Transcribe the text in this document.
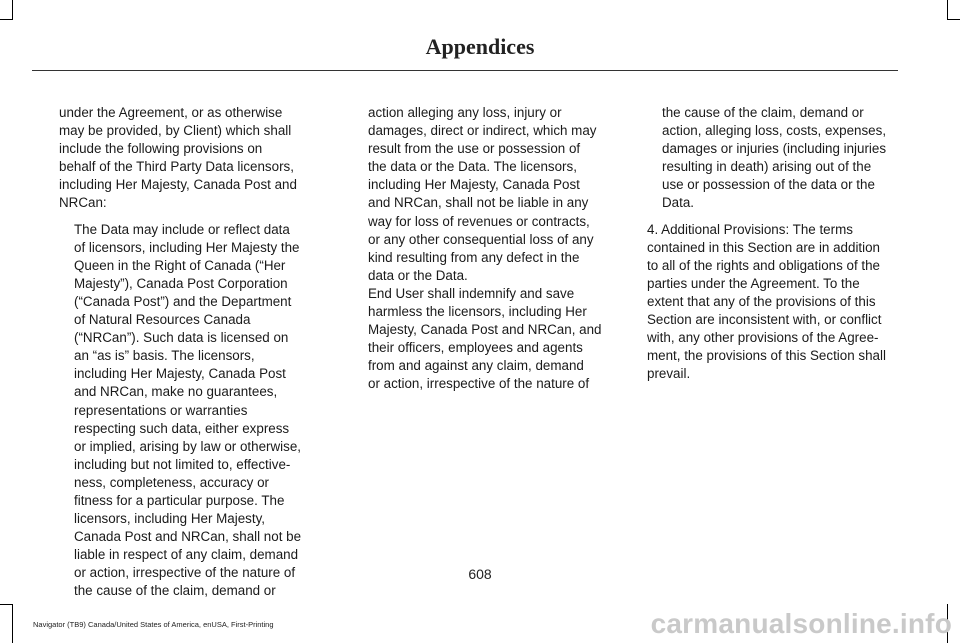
Appendices
under the Agreement, or as otherwise
may be provided, by Client) which shall
include the following provisions on
behalf of the Third Party Data licensors,
including Her Majesty, Canada Post and
NRCan:
The Data may include or reflect data
of licensors, including Her Majesty the
Queen in the Right of Canada (“Her
Majesty”), Canada Post Corporation
(“Canada Post”) and the Department
of Natural Resources Canada
(“NRCan”). Such data is licensed on
an “as is” basis. The licensors,
including Her Majesty, Canada Post
and NRCan, make no guarantees,
representations or warranties
respecting such data, either express
or implied, arising by law or otherwise,
including but not limited to, effective-
ness, completeness, accuracy or
fitness for a particular purpose. The
licensors, including Her Majesty,
Canada Post and NRCan, shall not be
liable in respect of any claim, demand
or action, irrespective of the nature of
the cause of the claim, demand or
action alleging any loss, injury or
damages, direct or indirect, which may
result from the use or possession of
the data or the Data. The licensors,
including Her Majesty, Canada Post
and NRCan, shall not be liable in any
way for loss of revenues or contracts,
or any other consequential loss of any
kind resulting from any defect in the
data or the Data.
End User shall indemnify and save
harmless the licensors, including Her
Majesty, Canada Post and NRCan, and
their officers, employees and agents
from and against any claim, demand
or action, irrespective of the nature of
the cause of the claim, demand or
action, alleging loss, costs, expenses,
damages or injuries (including injuries
resulting in death) arising out of the
use or possession of the data or the
Data.
4. Additional Provisions: The terms
contained in this Section are in addition
to all of the rights and obligations of the
parties under the Agreement. To the
extent that any of the provisions of this
Section are inconsistent with, or conflict
with, any other provisions of the Agree-
ment, the provisions of this Section shall
prevail.
608
Navigator (TB9) Canada/United States of America, enUSA, First-Printing	carmanualsonline.info
